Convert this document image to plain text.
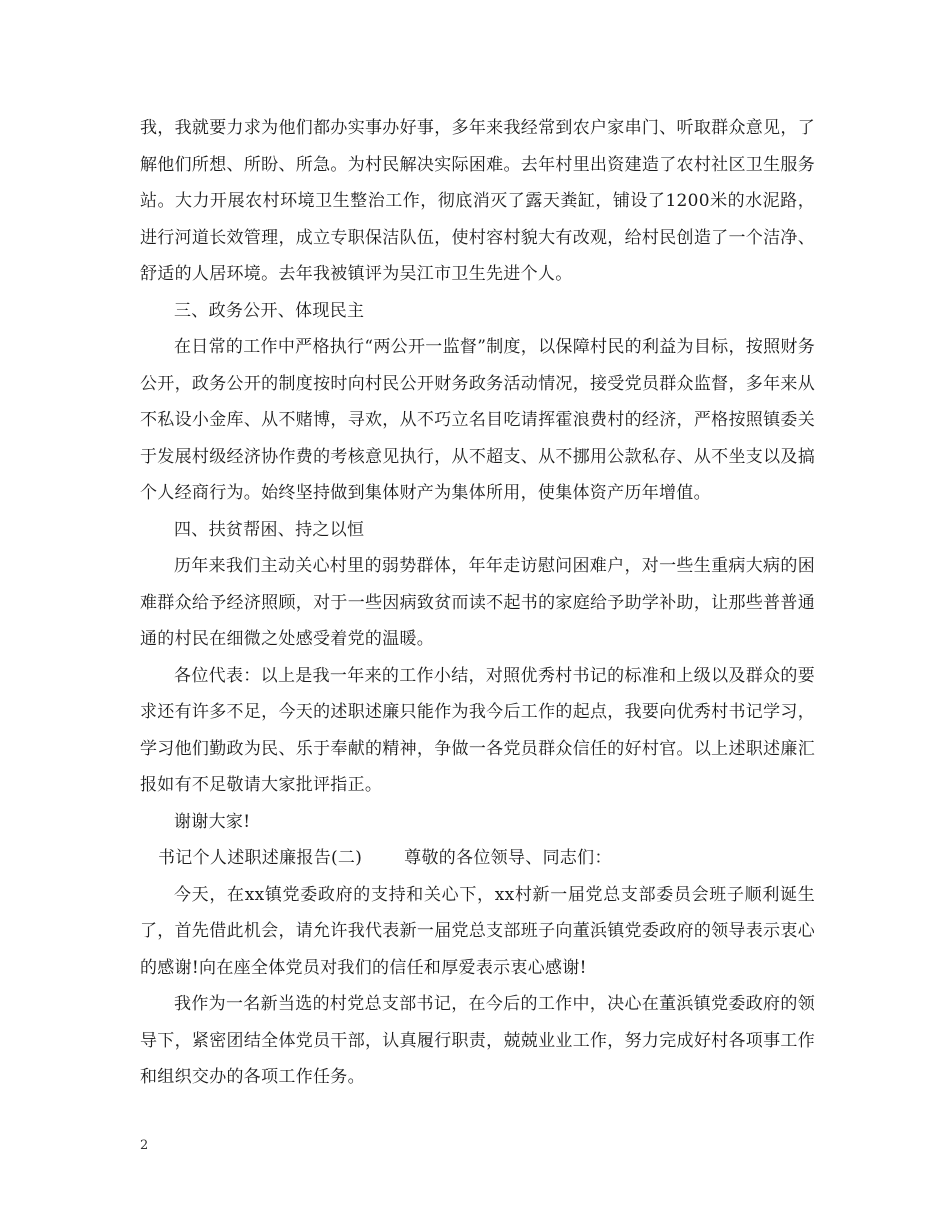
我，我就要力求为他们都办实事办好事，多年来我经常到农户家串门、听取群众意见，了解他们所想、所盼、所急。为村民解决实际困难。去年村里出资建造了农村社区卫生服务站。大力开展农村环境卫生整治工作，彻底消灭了露天粪缸，铺设了1200米的水泥路，进行河道长效管理，成立专职保洁队伍，使村容村貌大有改观，给村民创造了一个洁净、舒适的人居环境。去年我被镇评为吴江市卫生先进个人。

三、政务公开、体现民主

在日常的工作中严格执行“两公开一监督”制度，以保障村民的利益为目标，按照财务公开，政务公开的制度按时向村民公开财务政务活动情况，接受党员群众监督，多年来从不私设小金库、从不赌博，寻欢，从不巧立名目吃请挥霍浪费村的经济，严格按照镇委关于发展村级经济协作费的考核意见执行，从不超支、从不挪用公款私存、从不坐支以及搞个人经商行为。始终坚持做到集体财产为集体所用，使集体资产历年增值。

四、扶贫帮困、持之以恒

历年来我们主动关心村里的弱势群体，年年走访慰问困难户，对一些生重病大病的困难群众给予经济照顾，对于一些因病致贫而读不起书的家庭给予助学补助，让那些普普通通的村民在细微之处感受着党的温暖。

各位代表：以上是我一年来的工作小结，对照优秀村书记的标准和上级以及群众的要求还有许多不足，今天的述职述廉只能作为我今后工作的起点，我要向优秀村书记学习，学习他们勤政为民、乐于奉献的精神，争做一各党员群众信任的好村官。以上述职述廉汇报如有不足敬请大家批评指正。

谢谢大家!

书记个人述职述廉报告(二) 尊敬的各位领导、同志们：

今天，在xx镇党委政府的支持和关心下，xx村新一届党总支部委员会班子顺利诞生了，首先借此机会，请允许我代表新一届党总支部班子向董浜镇党委政府的领导表示衷心的感谢!向在座全体党员对我们的信任和厚爱表示衷心感谢!

我作为一名新当选的村党总支部书记，在今后的工作中，决心在董浜镇党委政府的领导下，紧密团结全体党员干部，认真履行职责，兢兢业业工作，努力完成好村各项事工作和组织交办的各项工作任务。

2
